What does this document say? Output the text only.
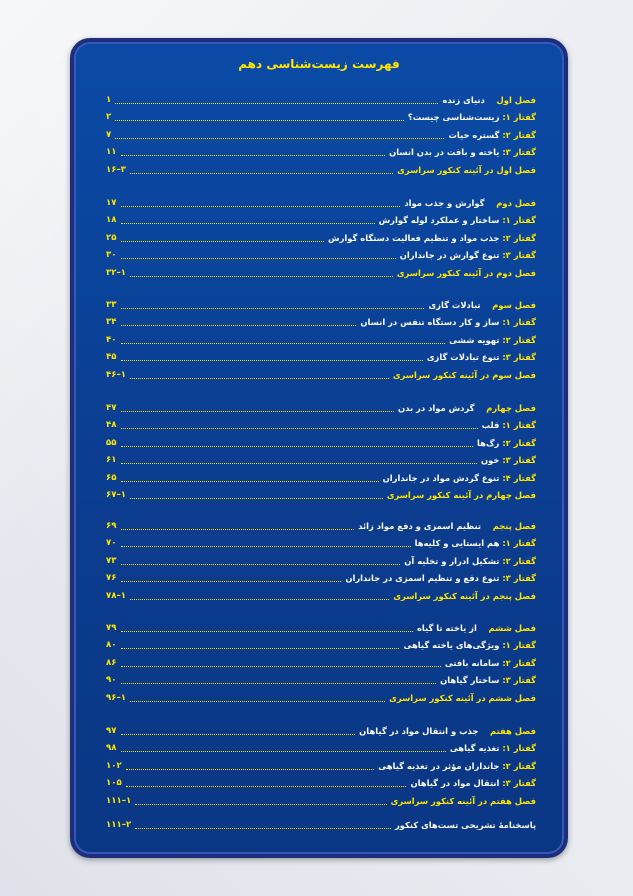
فهرست زیست‌شناسی دهم
فصل اول    دنیای زنده
۱
گفتار ۱: زیست‌شناسی چیست؟
۲
گفتار ۲: گستره حیات
۷
گفتار ۳: یاخته و بافت در بدن انسان
۱۱
فصل اول در آئینه کنکور سراسری
۱۶–۳
فصل دوم    گوارش و جذب مواد
۱۷
گفتار ۱: ساختار و عملکرد لوله گوارش
۱۸
گفتار ۲: جذب مواد و تنظیم فعالیت دستگاه گوارش
۲۵
گفتار ۳: تنوع گوارش در جانداران
۳۰
فصل دوم در آئینه کنکور سراسری
۳۲–۱
فصل سوم    تبادلات گازی
۳۳
گفتار ۱: ساز و کار دستگاه تنفس در انسان
۳۴
گفتار ۲: تهویه ششی
۴۰
گفتار ۳: تنوع تبادلات گازی
۴۵
فصل سوم در آئینه کنکور سراسری
۴۶–۱
فصل چهارم    گردش مواد در بدن
۴۷
گفتار ۱: قلب
۴۸
گفتار ۲: رگ‌ها
۵۵
گفتار ۳: خون
۶۱
گفتار ۴: تنوع گردش مواد در جانداران
۶۵
فصل چهارم در آئینه کنکور سراسری
۶۷–۱
فصل پنجم    تنظیم اسمزی و دفع مواد زائد
۶۹
گفتار ۱: هم ایستایی و کلیه‌ها
۷۰
گفتار ۲: تشکیل ادرار و تخلیه آن
۷۳
گفتار ۳: تنوع دفع و تنظیم اسمزی در جانداران
۷۶
فصل پنجم در آئینه کنکور سراسری
۷۸–۱
فصل ششم    از یاخته تا گیاه
۷۹
گفتار ۱: ویژگی‌های یاخته گیاهی
۸۰
گفتار ۲: سامانه بافتی
۸۶
گفتار ۳: ساختار گیاهان
۹۰
فصل ششم در آئینه کنکور سراسری
۹۶–۱
فصل هفتم    جذب و انتقال مواد در گیاهان
۹۷
گفتار ۱: تغذیه گیاهی
۹۸
گفتار ۲: جانداران مؤثر در تغذیه گیاهی
۱۰۲
گفتار ۳: انتقال مواد در گیاهان
۱۰۵
فصل هفتم در آئینه کنکور سراسری
۱۱۱–۱
پاسخنامهٔ تشریحی تست‌های کنکور
۱۱۱–۲
